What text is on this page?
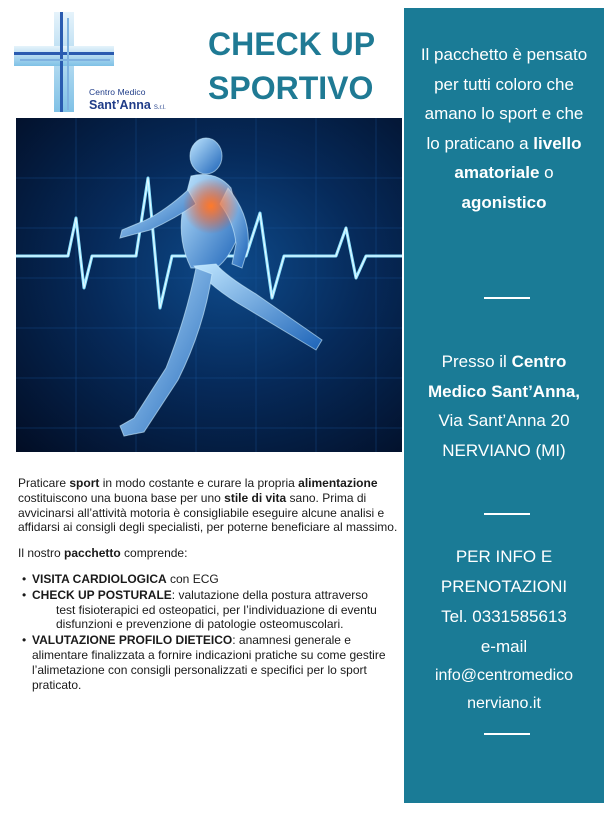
Centro Medico
Sant’Anna S.r.l.
CHECK UP
SPORTIVO

Praticare sport in modo costante e curare la propria alimentazione costituiscono una buona base per uno stile di vita sano. Prima di avvicinarsi all’attività motoria è consigliabile eseguire alcune analisi e affidarsi ai consigli degli specialisti, per poterne beneficiare al massimo.

Il nostro pacchetto comprende:

• VISITA CARDIOLOGICA con ECG
• CHECK UP POSTURALE: valutazione della postura attraverso
test fisioterapici ed osteopatici, per l’individuazione di eventu
disfunzioni e prevenzione di patologie osteomuscolari.
• VALUTAZIONE PROFILO DIETEICO: anamnesi generale e alimentare finalizzata a fornire indicazioni pratiche su come gestire l’alimetazione con consigli personalizzati e specifici per lo sport praticato.
Il pacchetto è pensato per tutti coloro che amano lo sport e che lo praticano a livello amatoriale o agonistico
Presso il Centro Medico Sant’Anna, Via Sant’Anna 20 NERVIANO (MI)
PER INFO E PRENOTAZIONI
Tel. 0331585613
e-mail
info@centromedico
nerviano.it
